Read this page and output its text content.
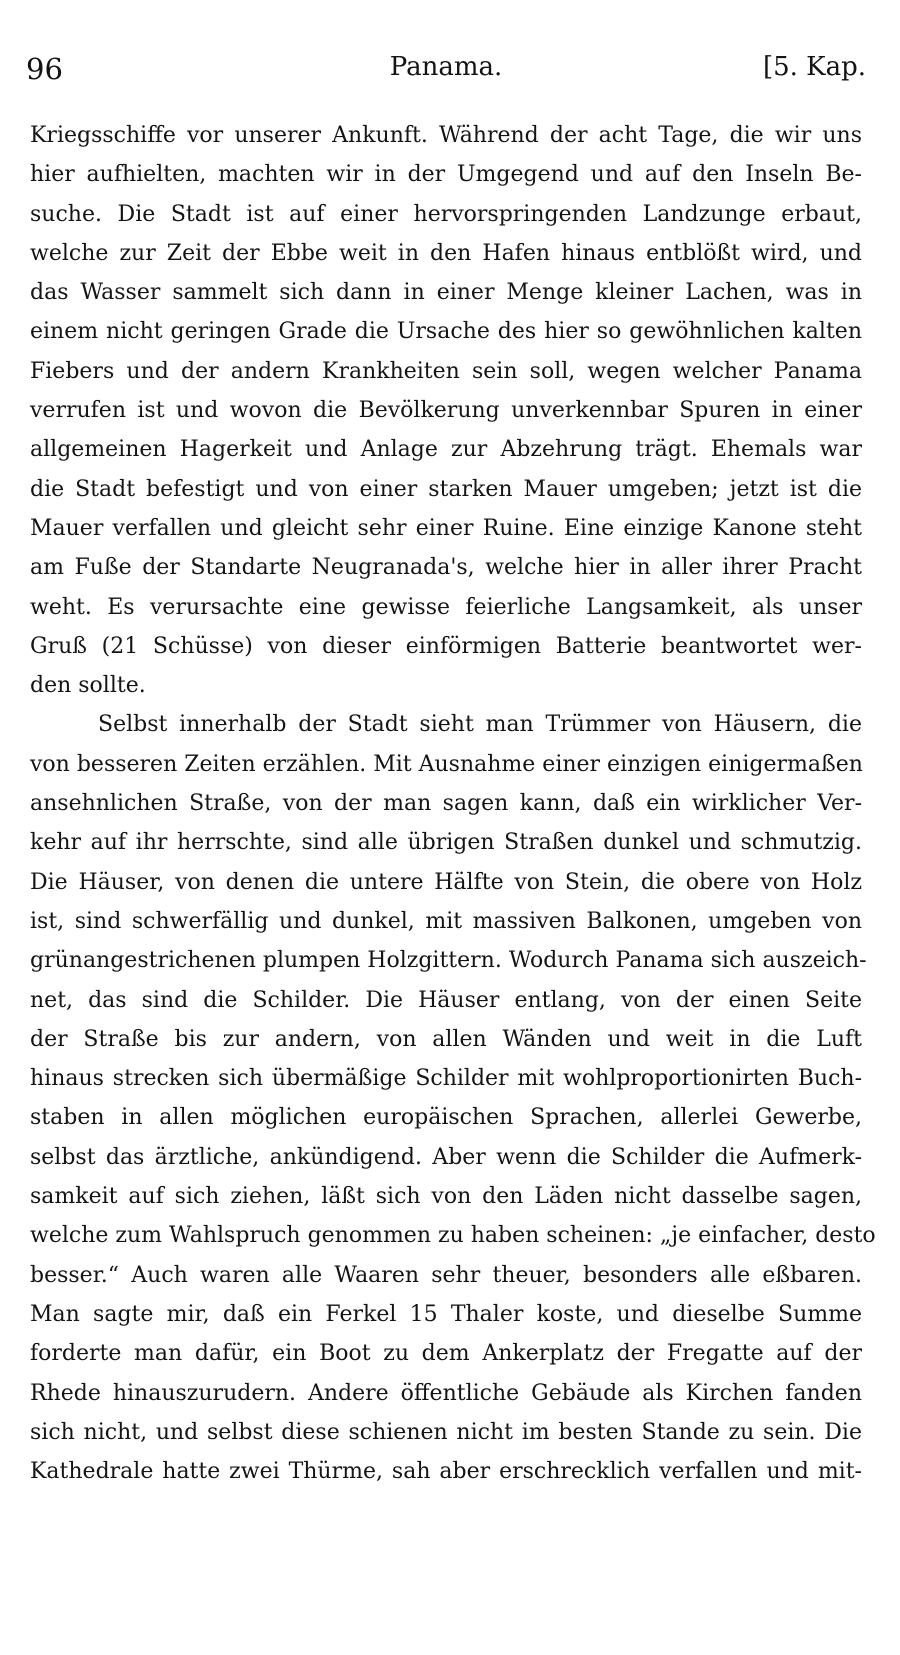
96	Panama.	[5. Kap.
Kriegsschiffe vor unserer Ankunft. Während der acht Tage, die wir uns
hier aufhielten, machten wir in der Umgegend und auf den Inseln Be-
suche. Die Stadt ist auf einer hervorspringenden Landzunge erbaut,
welche zur Zeit der Ebbe weit in den Hafen hinaus entblößt wird, und
das Wasser sammelt sich dann in einer Menge kleiner Lachen, was in
einem nicht geringen Grade die Ursache des hier so gewöhnlichen kalten
Fiebers und der andern Krankheiten sein soll, wegen welcher Panama
verrufen ist und wovon die Bevölkerung unverkennbar Spuren in einer
allgemeinen Hagerkeit und Anlage zur Abzehrung trägt. Ehemals war
die Stadt befestigt und von einer starken Mauer umgeben; jetzt ist die
Mauer verfallen und gleicht sehr einer Ruine. Eine einzige Kanone steht
am Fuße der Standarte Neugranada's, welche hier in aller ihrer Pracht
weht. Es verursachte eine gewisse feierliche Langsamkeit, als unser
Gruß (21 Schüsse) von dieser einförmigen Batterie beantwortet wer-
den sollte.
Selbst innerhalb der Stadt sieht man Trümmer von Häusern, die
von besseren Zeiten erzählen. Mit Ausnahme einer einzigen einigermaßen
ansehnlichen Straße, von der man sagen kann, daß ein wirklicher Ver-
kehr auf ihr herrschte, sind alle übrigen Straßen dunkel und schmutzig.
Die Häuser, von denen die untere Hälfte von Stein, die obere von Holz
ist, sind schwerfällig und dunkel, mit massiven Balkonen, umgeben von
grünangestrichenen plumpen Holzgittern. Wodurch Panama sich auszeich-
net, das sind die Schilder. Die Häuser entlang, von der einen Seite
der Straße bis zur andern, von allen Wänden und weit in die Luft
hinaus strecken sich übermäßige Schilder mit wohlproportionirten Buch-
staben in allen möglichen europäischen Sprachen, allerlei Gewerbe,
selbst das ärztliche, ankündigend. Aber wenn die Schilder die Aufmerk-
samkeit auf sich ziehen, läßt sich von den Läden nicht dasselbe sagen,
welche zum Wahlspruch genommen zu haben scheinen: „je einfacher, desto
besser.“ Auch waren alle Waaren sehr theuer, besonders alle eßbaren.
Man sagte mir, daß ein Ferkel 15 Thaler koste, und dieselbe Summe
forderte man dafür, ein Boot zu dem Ankerplatz der Fregatte auf der
Rhede hinauszurudern. Andere öffentliche Gebäude als Kirchen fanden
sich nicht, und selbst diese schienen nicht im besten Stande zu sein. Die
Kathedrale hatte zwei Thürme, sah aber erschrecklich verfallen und mit-
